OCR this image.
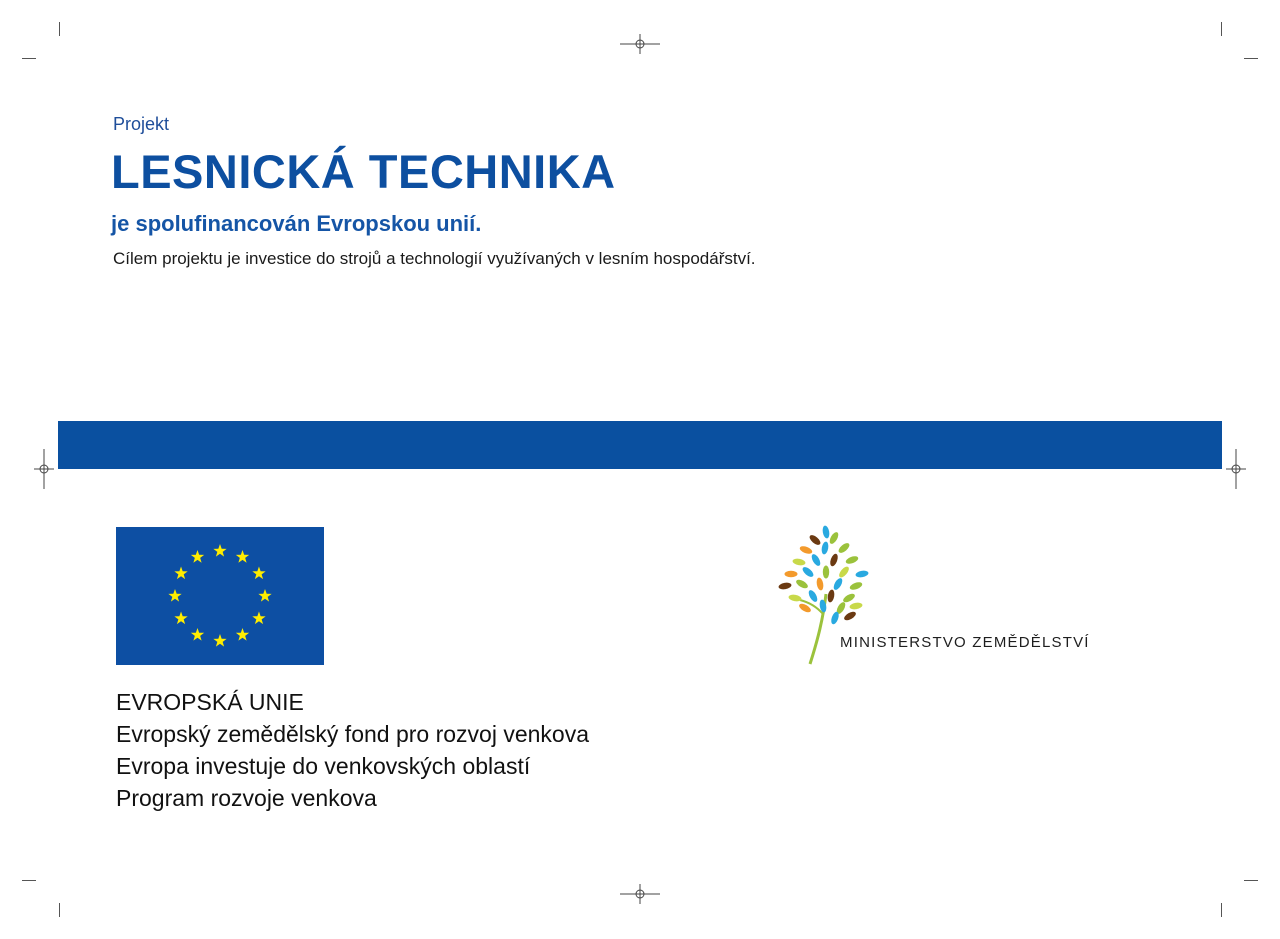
Projekt

LESNICKÁ TECHNIKA

je spolufinancován Evropskou unií.

Cílem projektu je investice do strojů a technologií využívaných v lesním hospodářství.

EVROPSKÁ UNIE

Evropský zemědělský fond pro rozvoj venkova

Evropa investuje do venkovských oblastí

Program rozvoje venkova

MINISTERSTVO ZEMĚDĚLSTVÍ
